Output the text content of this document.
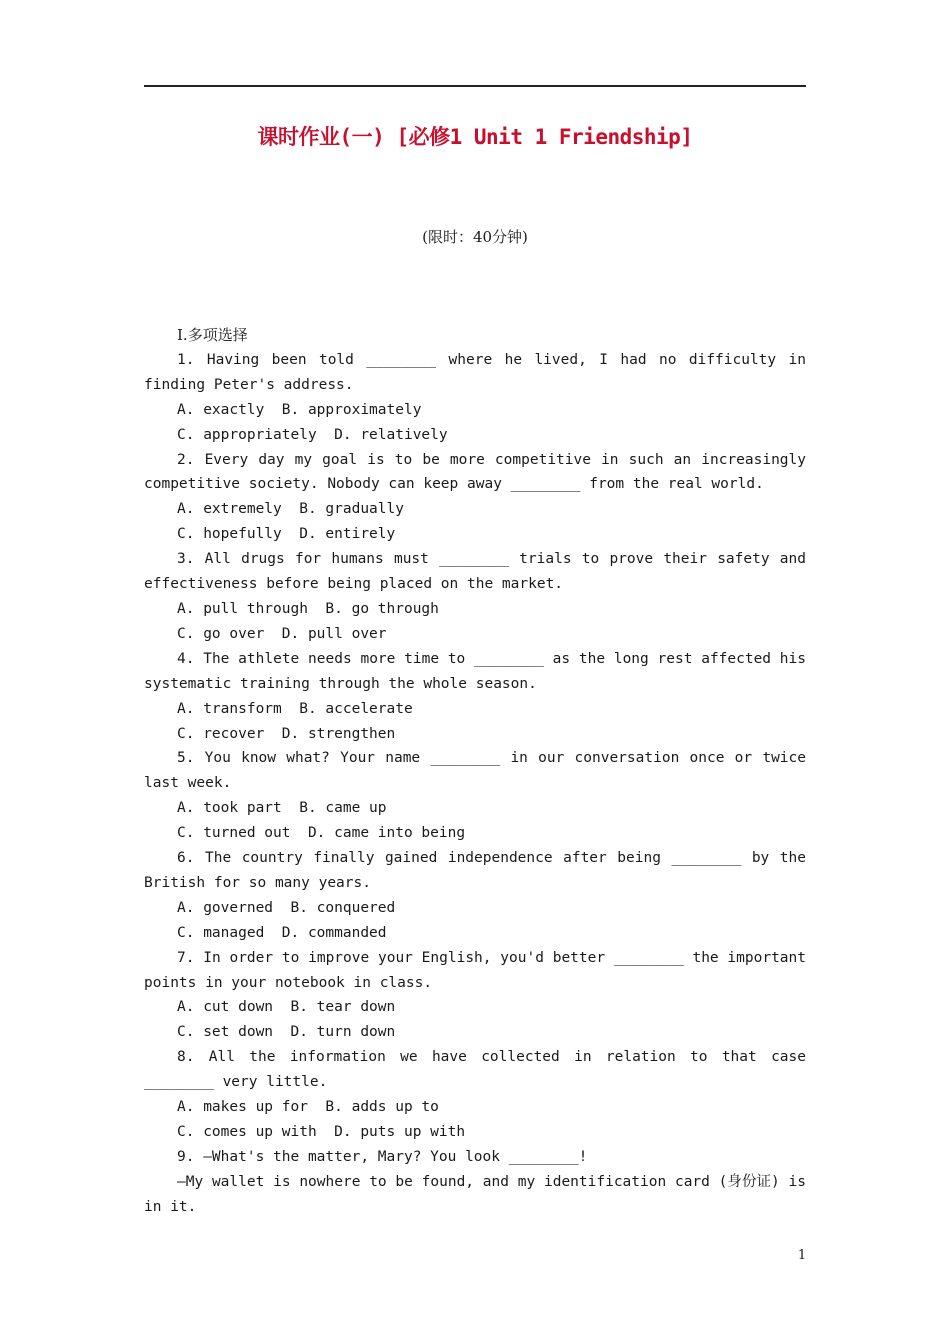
课时作业(一) [必修1 Unit 1 Friendship]
(限时：40分钟)
Ⅰ.多项选择

1. Having been told ________ where he lived, I had no difficulty in finding Peter's address.

A. exactly  B. approximately

C. appropriately  D. relatively

2. Every day my goal is to be more competitive in such an increasingly competitive society. Nobody can keep away ________ from the real world.

A. extremely  B. gradually

C. hopefully  D. entirely

3. All drugs for humans must ________ trials to prove their safety and effectiveness before being placed on the market.

A. pull through  B. go through

C. go over  D. pull over

4. The athlete needs more time to ________ as the long rest affected his systematic training through the whole season.

A. transform  B. accelerate

C. recover  D. strengthen

5. You know what? Your name ________ in our conversation once or twice last week.

A. took part  B. came up

C. turned out  D. came into being

6. The country finally gained independence after being ________ by the British for so many years.

A. governed  B. conquered

C. managed  D. commanded

7. In order to improve your English, you'd better ________ the important points in your notebook in class.

A. cut down  B. tear down

C. set down  D. turn down

8. All the information we have collected in relation to that case ________ very little.

A. makes up for  B. adds up to

C. comes up with  D. puts up with

9. —What's the matter, Mary? You look ________!

—My wallet is nowhere to be found, and my identification card (身份证) is in it.

1
